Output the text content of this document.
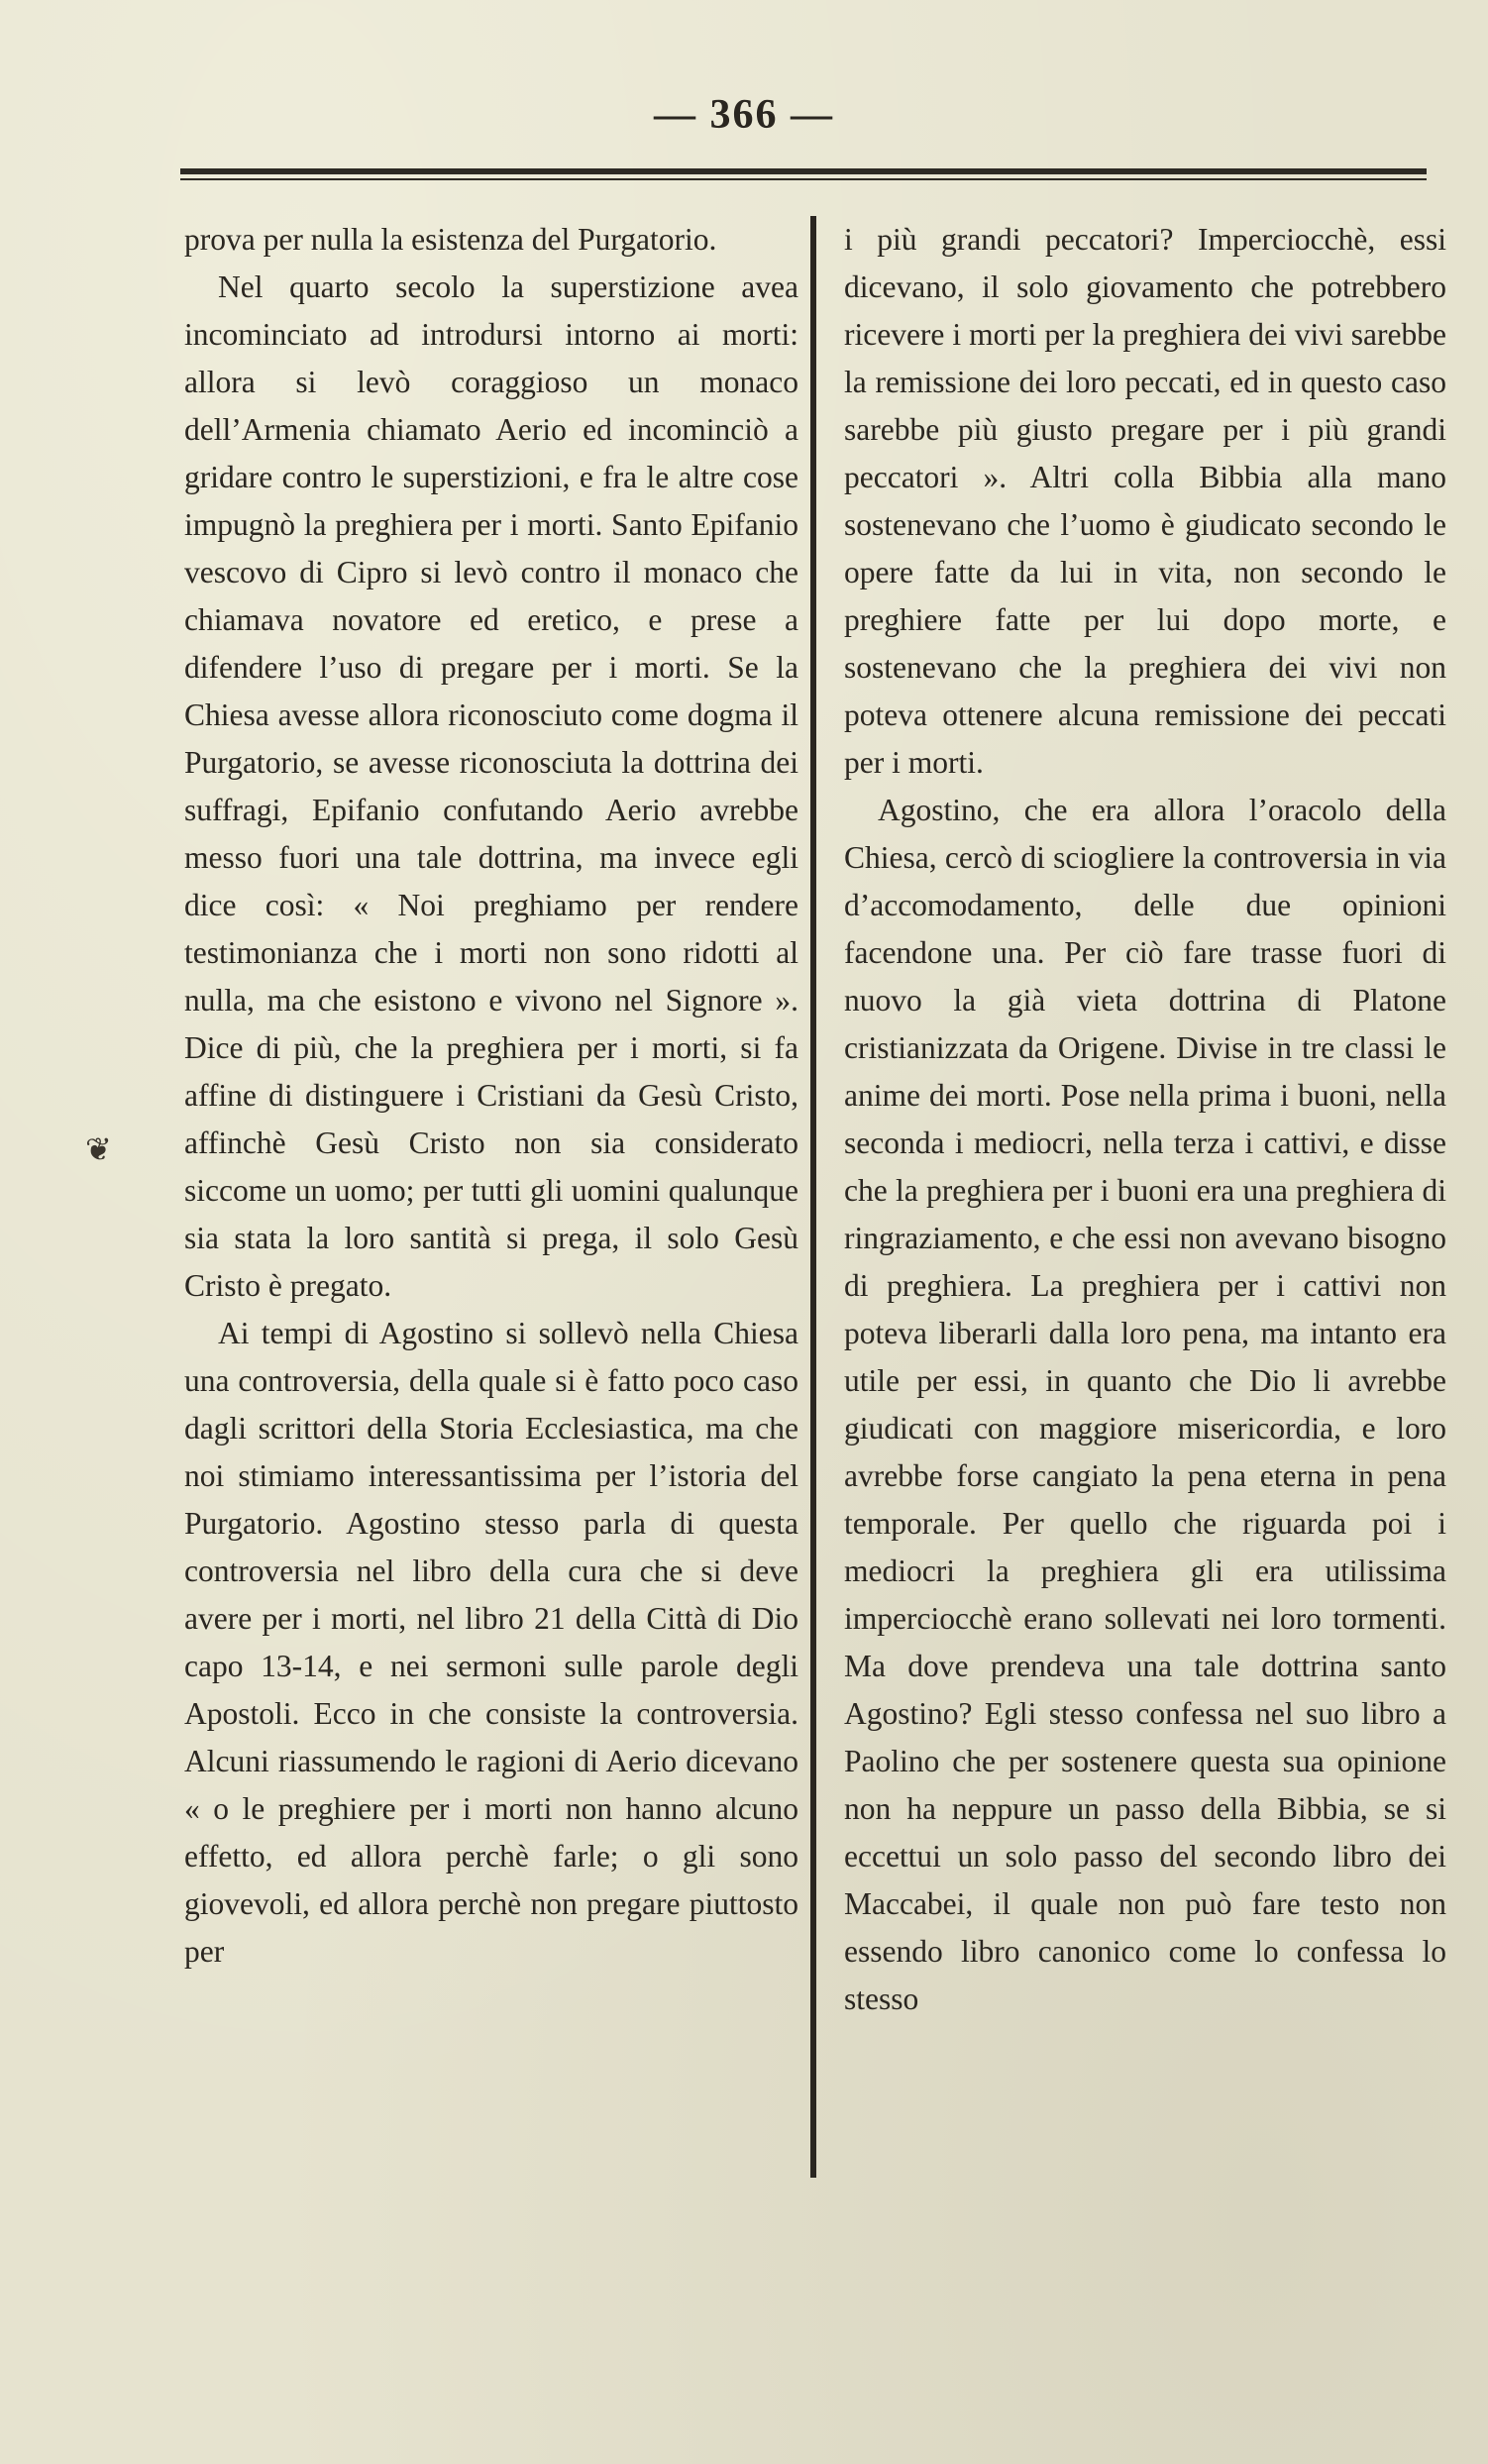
— 366 —
❦

prova per nulla la esistenza del Purgatorio.

Nel quarto secolo la superstizione avea incominciato ad introdursi intorno ai morti: allora si levò coraggioso un monaco dell’Armenia chiamato Aerio ed incominciò a gridare contro le superstizioni, e fra le altre cose impugnò la preghiera per i morti. Santo Epifanio vescovo di Cipro si levò contro il monaco che chiamava novatore ed eretico, e prese a difendere l’uso di pregare per i morti. Se la Chiesa avesse allora riconosciuto come dogma il Purgatorio, se avesse riconosciuta la dottrina dei suffragi, Epifanio confutando Aerio avrebbe messo fuori una tale dottrina, ma invece egli dice così: « Noi preghiamo per rendere testimonianza che i morti non sono ridotti al nulla, ma che esistono e vivono nel Signore ». Dice di più, che la preghiera per i morti, si fa affine di distinguere i Cristiani da Gesù Cristo, affinchè Gesù Cristo non sia considerato siccome un uomo; per tutti gli uomini qualunque sia stata la loro santità si prega, il solo Gesù Cristo è pregato.

Ai tempi di Agostino si sollevò nella Chiesa una controversia, della quale si è fatto poco caso dagli scrittori della Storia Ecclesiastica, ma che noi stimiamo interessantissima per l’istoria del Purgatorio. Agostino stesso parla di questa controversia nel libro della cura che si deve avere per i morti, nel libro 21 della Città di Dio capo 13-14, e nei sermoni sulle parole degli Apostoli. Ecco in che consiste la controversia. Alcuni riassumendo le ragioni di Aerio dicevano « o le preghiere per i morti non hanno alcuno effetto, ed allora perchè farle; o gli sono giovevoli, ed allora perchè non pregare piuttosto per

i più grandi peccatori? Imperciocchè, essi dicevano, il solo giovamento che potrebbero ricevere i morti per la preghiera dei vivi sarebbe la remissione dei loro peccati, ed in questo caso sarebbe più giusto pregare per i più grandi peccatori ». Altri colla Bibbia alla mano sostenevano che l’uomo è giudicato secondo le opere fatte da lui in vita, non secondo le preghiere fatte per lui dopo morte, e sostenevano che la preghiera dei vivi non poteva ottenere alcuna remissione dei peccati per i morti.

Agostino, che era allora l’oracolo della Chiesa, cercò di sciogliere la controversia in via d’accomodamento, delle due opinioni facendone una. Per ciò fare trasse fuori di nuovo la già vieta dottrina di Platone cristianizzata da Origene. Divise in tre classi le anime dei morti. Pose nella prima i buoni, nella seconda i mediocri, nella terza i cattivi, e disse che la preghiera per i buoni era una preghiera di ringraziamento, e che essi non avevano bisogno di preghiera. La preghiera per i cattivi non poteva liberarli dalla loro pena, ma intanto era utile per essi, in quanto che Dio li avrebbe giudicati con maggiore misericordia, e loro avrebbe forse cangiato la pena eterna in pena temporale. Per quello che riguarda poi i mediocri la preghiera gli era utilissima imperciocchè erano sollevati nei loro tormenti. Ma dove prendeva una tale dottrina santo Agostino? Egli stesso confessa nel suo libro a Paolino che per sostenere questa sua opinione non ha neppure un passo della Bibbia, se si eccettui un solo passo del secondo libro dei Maccabei, il quale non può fare testo non essendo libro canonico come lo confessa lo stesso
